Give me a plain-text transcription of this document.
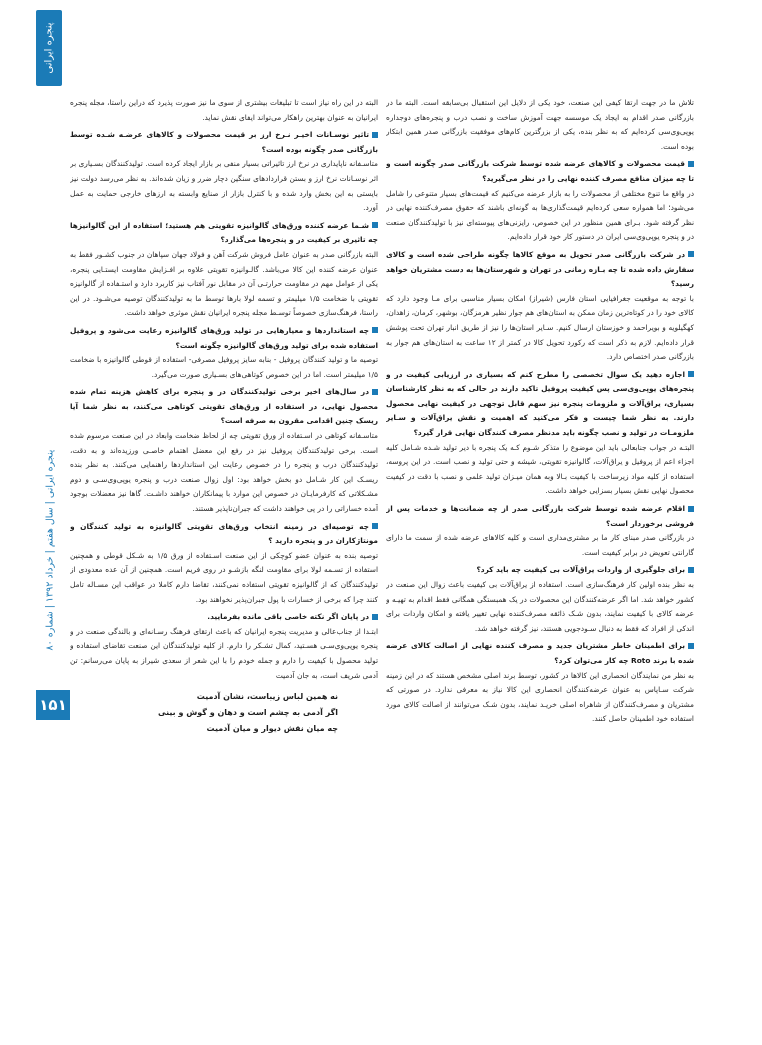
پنجره ایرانی
پنجره ایرانی | سال هفتم | خرداد ۱۳۹۲ | شماره ۸۰
۱۵۱
تلاش ما در جهت ارتقا کیفی این صنعت، خود یکی از دلایل این استقبال بی‌سابقه است. البته ما در بازرگانی صدر اقدام به ایجاد یک موسسه جهت آموزش ساخت و نصب درب و پنجره‌های دوجداره یوپی‌وی‌سی کرده‌ایم که به نظر بنده، یکی از بزرگترین کام‌های موفقیت بازرگانی صدر همین ابتکار بوده است.
قیمت محصولات و کالاهای عرضه شده توسط شرکت بازرگانی صدر چگونه است و تا چه میزان منافع مصرف کننده نهایی را در نظر می‌گیرید؟
در واقع ما تنوع مختلفی از محصولات را به بازار عرضه می‌کنیم که قیمت‌های بسیار متنوعی را شامل می‌شود؛ اما همواره سعی کرده‌ایم قیمت‌گذاری‌ها به گونه‌ای باشند که حقوق مصرف‌کننده نهایی در نظر گرفته شود. بـرای همین منظور در این خصوص، رایزنی‌های پیوسته‌ای نیز با تولیدکنندگان صنعت در و پنجره یوپی‌وی‌سی ایران در دستور کار خود قرار داده‌ایم.
در شرکت بازرگانی صدر تحویل به موقع کالاها چگونه طراحی شده است و کالای سفارش داده شده تا چه بـازه زمانی در تهران و شهرستان‌ها به دست مشتریان خواهد رسید؟
با توجه به موقعیت جغرافیایی استان فارس (شیراز) امکان بسیار مناسبی برای مـا وجود دارد که کالای خود را در کوتاه‌ترین زمان ممکن به استان‌های هم جوار نظیر هرمزگان، بوشهر، کرمان، زاهدان، کهگیلویه و بویراحمد و خوزستان ارسال کنیم. سـایر استان‌ها را نیز از طریق انبار تهران تحت پوشش قرار داده‌ایم. لازم به ذکر است که رکورد تحویل کالا در کمتر از ۱۲ ساعت به استان‌های هم جوار به بازرگانی صدر اختصاص دارد.
اجازه دهید یک سوال تخصصی را مطرح کنم که بسیاری در ارزیابی کیفیت در و پنجره‌های یوپی‌وی‌سی پس کیفیت پروفیل تاکید دارند در حالی که به نظر کارشناسان بسیاری، یراق‌آلات و ملزومات پنجره نیز سهم قابل توجهی در کیفیت نهایی محصول دارند. به نظر شما چیست و فکر می‌کنید که اهمیت و نقش یراق‌آلات و سـایر ملزومـات در تولید و نصب چگونه باید مدنظر مصرف کنندگان نهایی قرار گیرد؟
البتـه در جواب جنابعالی باید این موضوع را متذکر شـوم کـه یک پنجره با دیر تولید شـده شـامل کلیه اجزاء اعم از پروفیل و یراق‌آلات، گالوانیزه تقویتی، شیشه و حتی تولید و نصب است. در این پروسه، استفاده از کلیه مواد زیرساخت با کیفیت بـالا وبه همان میـزان تولید علمی و نصب با دقت در کیفیت محصول نهایی نقش بسیار بسزایی خواهد داشت.
اقلام عرضه شده توسط شرکت بازرگانی صدر از چه ضمانت‌ها و خدمات پس از فروشی برخوردار است؟
در بازرگانی صدر مبنای کار ما بر مشتری‌مداری است و کلیه کالاهای عرضه شده از سمت ما دارای گارانتی تعویض در برابر کیفیت است.
برای جلوگیری از واردات یراق‌آلات بی کیفیت چه باید کرد؟
به نظر بنده اولین کار فرهنگ‌سازی است. استفاده از یراق‌آلات بی کیفیت باعث زوال این صنعت در کشور خواهد شد. اما اگر عرضه‌کنندگان این محصولات در یک همبستگی همگانی فقط اقدام به تهیـه و عرضه کالای با کیفیت نمایند، بدون شـک ذائقه مصرف‌کننده نهایی تغییر یافته و امکان واردات برای اندکی از افراد که فقط به دنبال سـودجویی هستند، نیز گرفته خواهد شد.
برای اطمینان خاطر مشتریان جدید و مصرف کننده نهایی از اصالت کالای عرضه شده با برند Roto چه کار می‌توان کرد؟
به نظر من نمایندگان انحصاری این کالاها در کشور، توسط برند اصلی مشخص هستند که در این زمینه شرکت سـاپاس به عنوان عرضه‌کنندگان انحصاری این کالا نیاز به معرفی ندارد. در صورتی که مشتریان و مصرف‌کنندگان از شاهراه اصلی خریـد نمایند، بدون شـک می‌توانند از اصالت کالای مورد استفاده خود اطمینان حاصل کنند.
البته در این راه نیاز است تا تبلیغات بیشتری از سوی ما نیز صورت پذیرد که دراین راستا، مجله پنجره ایرانیان به عنوان بهترین راهکار می‌تواند ایفای نقش نماید.
تاثیر نوسـانات اخیـر نـرخ ارز بر قیمت محصولات و کالاهای عرضـه شـده توسط بازرگانی صدر چگونه بوده است؟
متاسـفانه ناپایداری در نرخ ارز تاثیراتی بسیار منفی بر بازار ایجاد کرده است. تولیدکنندگان بسـیاری بر اثر نوسـانات نرخ ارز و بستن قراردادهای سنگین دچار ضرر و زیان شده‌اند. به نظر می‌رسد دولت نیز بایستی به این بخش وارد شده و با کنترل بازار از صنایع وابسته به ارزهای خارجی حمایت به عمل آورد.
شـما عرضه کننده ورق‌های گالوانیزه تقویتی هم هستید؛ استفاده از این گالوانیزها چه تاثیری بر کیفیت در و پنجره‌ها می‌گذارد؟
البته بازرگانی صدر به عنوان عامل فروش شرکت آهن و فولاد جهان سپاهان در جنوب کشـور فقط به عنوان عرضه کننده این کالا می‌باشد. گالـوانیزه تقویتی علاوه بر افـزایش مقاومت ایستـایی پنجره، یکی از عوامل مهم در مقاومت حرارتـی آن در مقابل نور آفتاب نیز کاربرد دارد و استـفاده از گالوانیزه تقویتی با ضخامت ۱/۵ میلیمتر و تسمه لولا بارها توسط ما به تولیدکنندگان توصیه می‌شـود. در این راستا، فرهنگ‌سازی خصوصاً توسـط مجله پنجره ایرانیان نقش موثری خواهد داشت.
چه استانداردها و معیارهایی در تولید ورق‌های گالوانیزه رعایت می‌شود و پروفیل استفاده شده برای تولید ورق‌های گالوانیزه چگونه است؟
توصیه ما و تولید کنندگان پروفیل - بنابه سایز پروفیل مصرفی- استفاده از قوطی گالوانیزه با ضخامت ۱/۵ میلیمتر است. اما در این خصوص کوتاهی‌های بسـیاری صورت می‌گیرد.
در سال‌های اخیر برخی تولیدکنندگان در و پنجره برای کاهش هزینه تمام شده محصول نهایی، در استفاده از ورق‌های تقویتی کوتاهی می‌کنند، به نظر شما آیا ریسک چنین اقدامی مقرون به صرفه است؟
متاسـفانه کوتاهی در اسـتفاده از ورق تقویتی چه از لحاظ ضخامت وابعاد در این صنعت مرسوم شده است. برخی تولیدکنندگان پروفیل نیز در رفع این معضل اهتمام خاصـی ورزیده‌اند و به دقت، تولیدکنندگان درب و پنجره را در خصوص رعایت این استانداردها راهنمایی می‌کنند. به نظر بنده ریسـک این کار شـامل دو بخش خواهد بود: اول زوال صنعت درب و پنجره یوپی‌وی‌سـی و دوم مشـکلاتی که کارفرمایـان در خصوص این موارد با پیمانکاران خواهند داشـت. گاها نیز معضلات بوجود آمده خساراتی را در پی خواهند داشت که جبران‌ناپذیر هستند.
چه توصیه‌ای در زمینه انتخاب ورق‌های تقویتی گالوانیزه به تولید کنندگان و مونتاژکاران در و پنجره دارید ؟
توصیه بنده به عنوان عضو کوچکی از این صنعت اسـتفاده از ورق ۱/۵ به شـکل قوطی و همچنین استفاده از تسـمه لولا برای مقاومت لنگه بازشـو در روی فریم است. همچنین از آن عده معدودی از تولیدکنندگان که از گالوانیزه تقویتی استفاده نمی‌کنند، تقاضا دارم کاملا در عواقب این مسـاله تامل کنند چرا که برخی از خسارات با پول جبران‌پذیر نخواهند بود.
در پایان اگر نکته خاصی باقی مانده بفرمایید.
ابتـدا از جناب‌عالی و مدیریت پنجره ایرانیان که باعث ارتقای فرهنگ رسـانه‌ای و بالندگی صنعت در و پنجره یوپی‌وی‌سـی هسـتید، کمال تشـکر را دارم. از کلیه تولیدکنندگان این صنعت تقاضای استفاده و تولید محصول با کیفیت را دارم و جمله خودم را با این شعر از سعدی شیراز به پایان می‌رسانم: تن آدمی شریف است، به جان آدمیت
نه همین لباس زیباست، نشان آدمیت
اگر آدمی به چشم است و دهان و گوش و بینی
چه میان نقش دیوار و میان آدمیت
